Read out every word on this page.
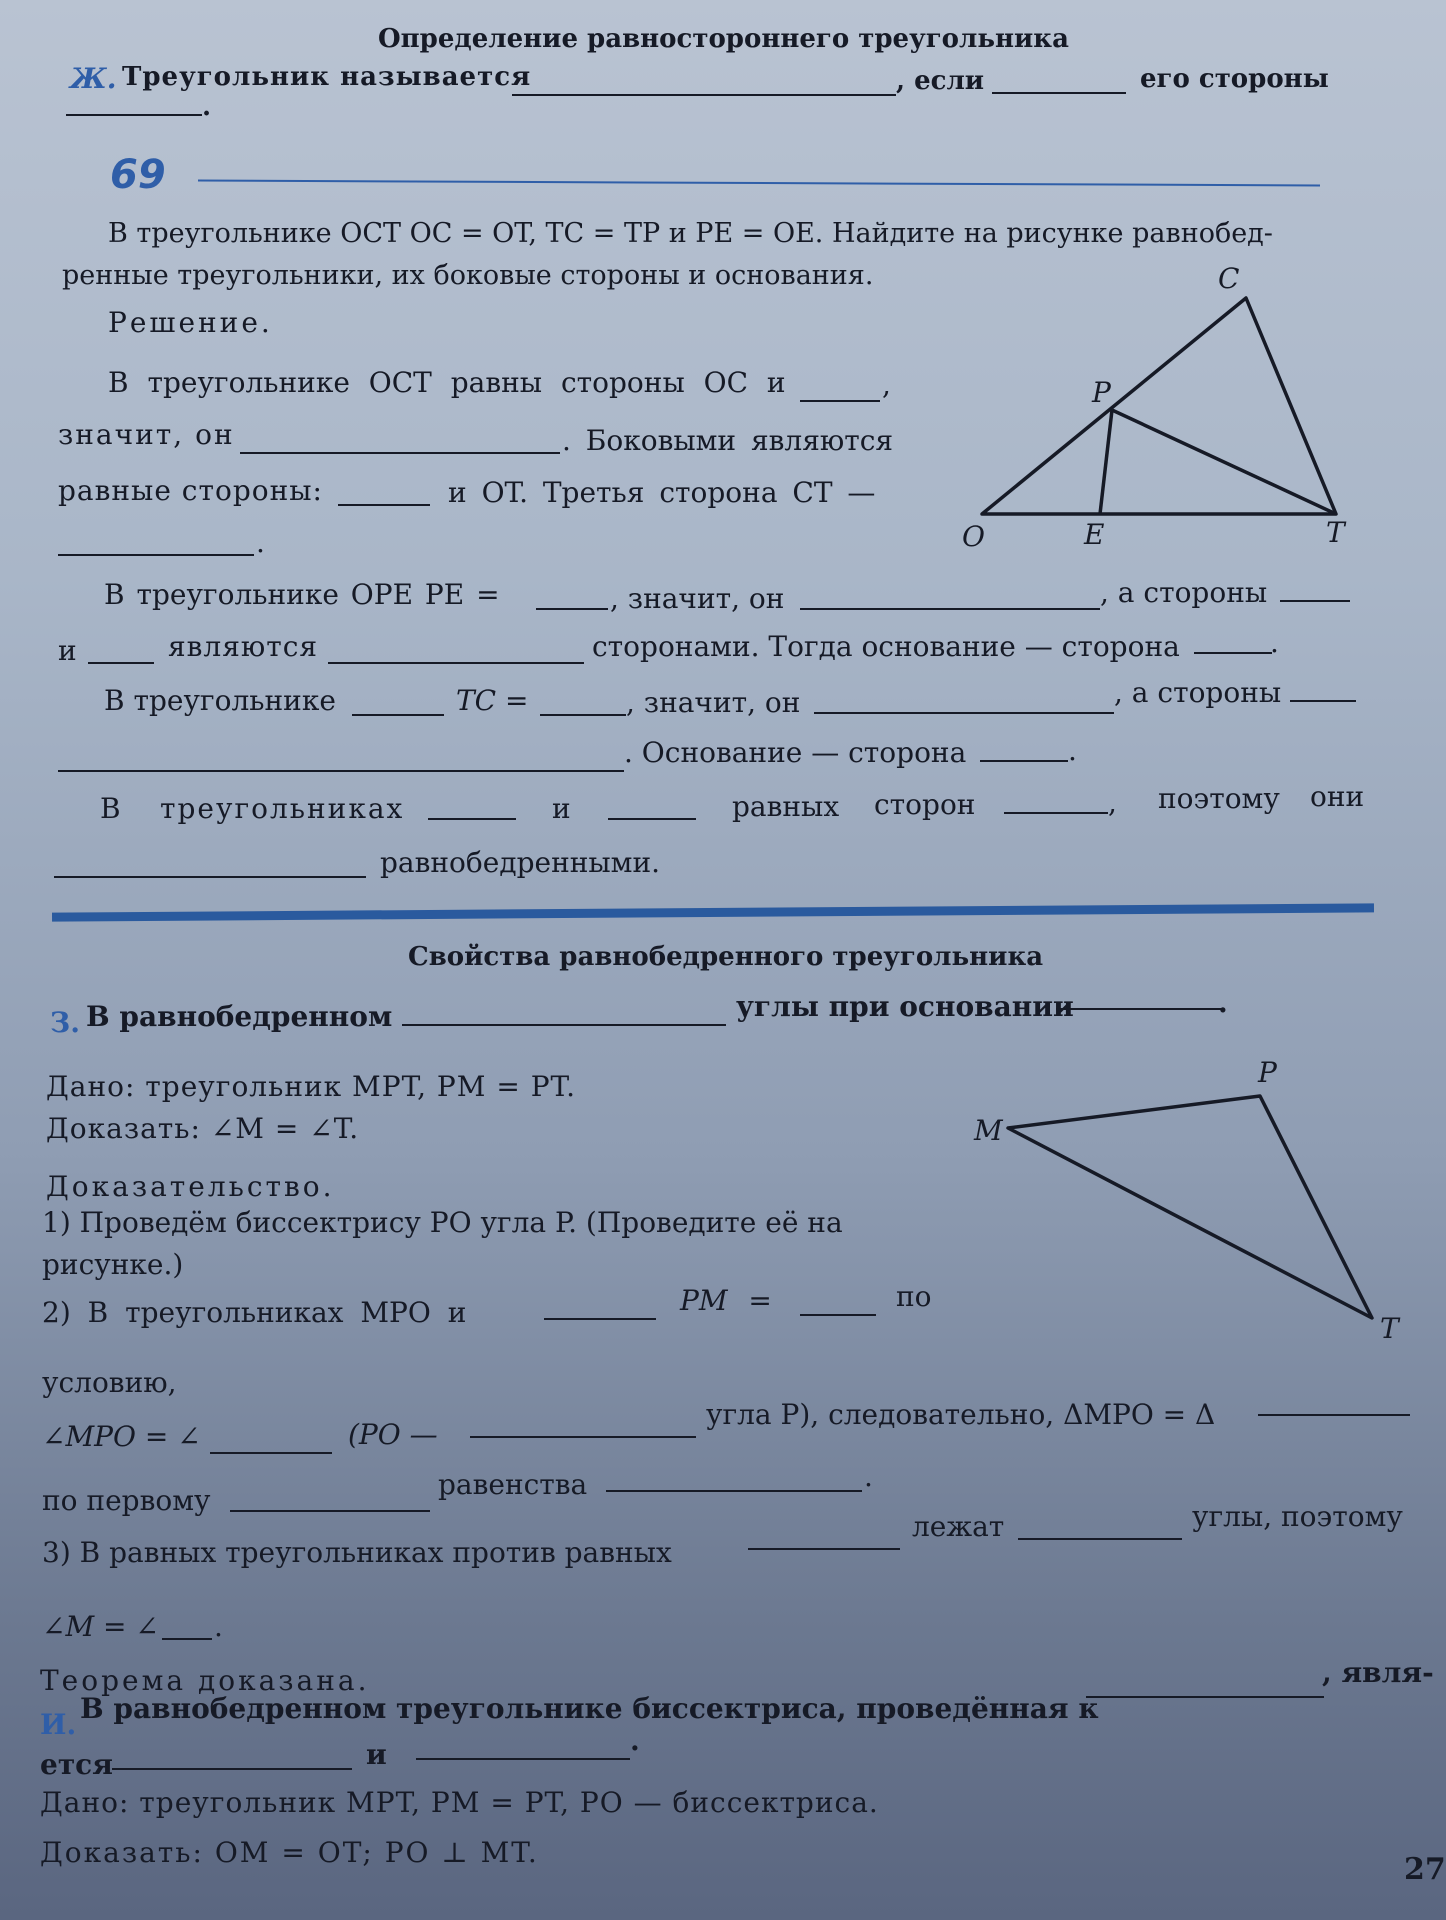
Определение равностороннего треугольника
Ж. Треугольник называется	, если	его стороны
.
69
В треугольнике OCT OC = OT, TC = TP и PE = OE. Найдите на рисунке равнобед-
ренные треугольники, их боковые стороны и основания.
Решение.
В треугольнике OCT равны стороны OC и	,
значит, он	. Боковыми являются
равные стороны:	и OT. Третья сторона CT —
.
В треугольнике OPE PE =	, значит, он	, а стороны
и	являются	сторонами. Тогда основание — сторона	.
В треугольнике	TC =	, значит, он	, а стороны
. Основание — сторона	.
В треугольниках	и	равных сторон	, поэтому они
равнобедренными.
C
P
O	E	T
Свойства равнобедренного треугольника
З. В равнобедренном	углы при основании	.
Дано: треугольник MPT, PM = PT.
Доказать: ∠M = ∠T.
Доказательство.
1) Проведём биссектрису PO угла P. (Проведите её на
рисунке.)
2) В треугольниках MPO и	PM =	по
условию,
∠MPO = ∠	(PO —
угла P), следовательно, ΔMPO = Δ
по первому	равенства	.
3) В равных треугольниках против равных
лежат	углы, поэтому
∠M = ∠ .
Теорема доказана.
M
P
T
И. В равнобедренном треугольнике биссектриса, проведённая к
, явля-
ется	и	.
Дано: треугольник MPT, PM = PT, PO — биссектриса.
Доказать: OM = OT; PO ⊥ MT.	27
